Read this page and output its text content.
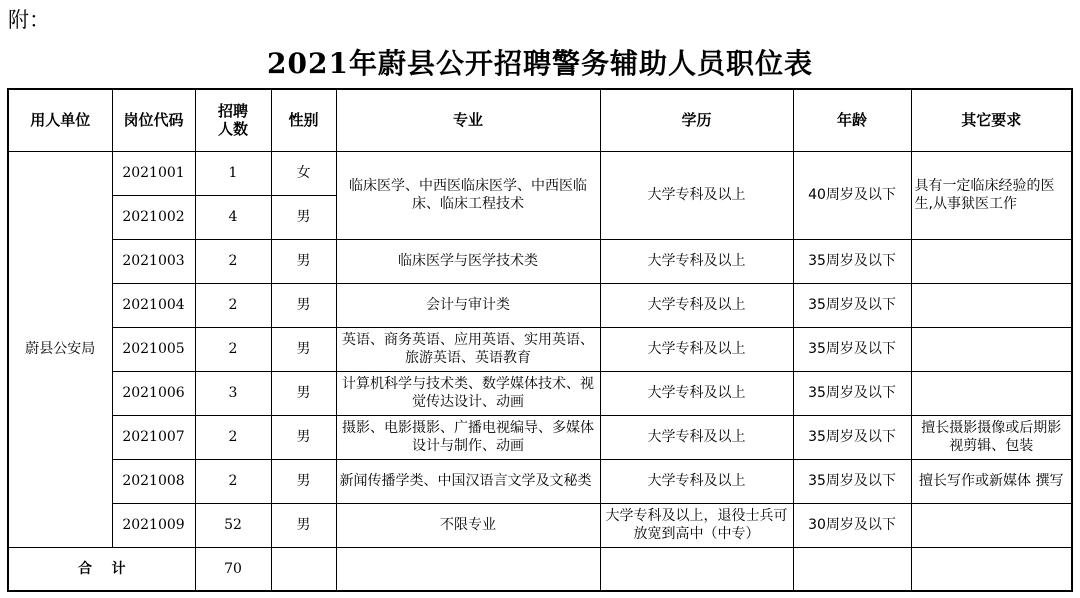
附：
2021年蔚县公开招聘警务辅助人员职位表
用人单位	岗位代码	招聘人数	性别	专业	学历	年龄	其它要求
蔚县公安局	2021001	1	女	临床医学、中西医临床医学、中西医临床、临床工程技术	大学专科及以上	40周岁及以下	具有一定临床经验的医生,从事狱医工作
	2021002	4	男				
	2021003	2	男	临床医学与医学技术类	大学专科及以上	35周岁及以下	
	2021004	2	男	会计与审计类	大学专科及以上	35周岁及以下	
	2021005	2	男	英语、商务英语、应用英语、实用英语、旅游英语、英语教育	大学专科及以上	35周岁及以下	
	2021006	3	男	计算机科学与技术类、数学媒体技术、视觉传达设计、动画	大学专科及以上	35周岁及以下	
	2021007	2	男	摄影、电影摄影、广播电视编导、多媒体设计与制作、动画	大学专科及以上	35周岁及以下	擅长摄影摄像或后期影视剪辑、包装
	2021008	2	男	新闻传播学类、中国汉语言文学及文秘类	大学专科及以上	35周岁及以下	擅长写作或新媒体 撰写
	2021009	52	男	不限专业	大学专科及以上，退役士兵可放宽到高中（中专）	30周岁及以下	
合    计		70					
